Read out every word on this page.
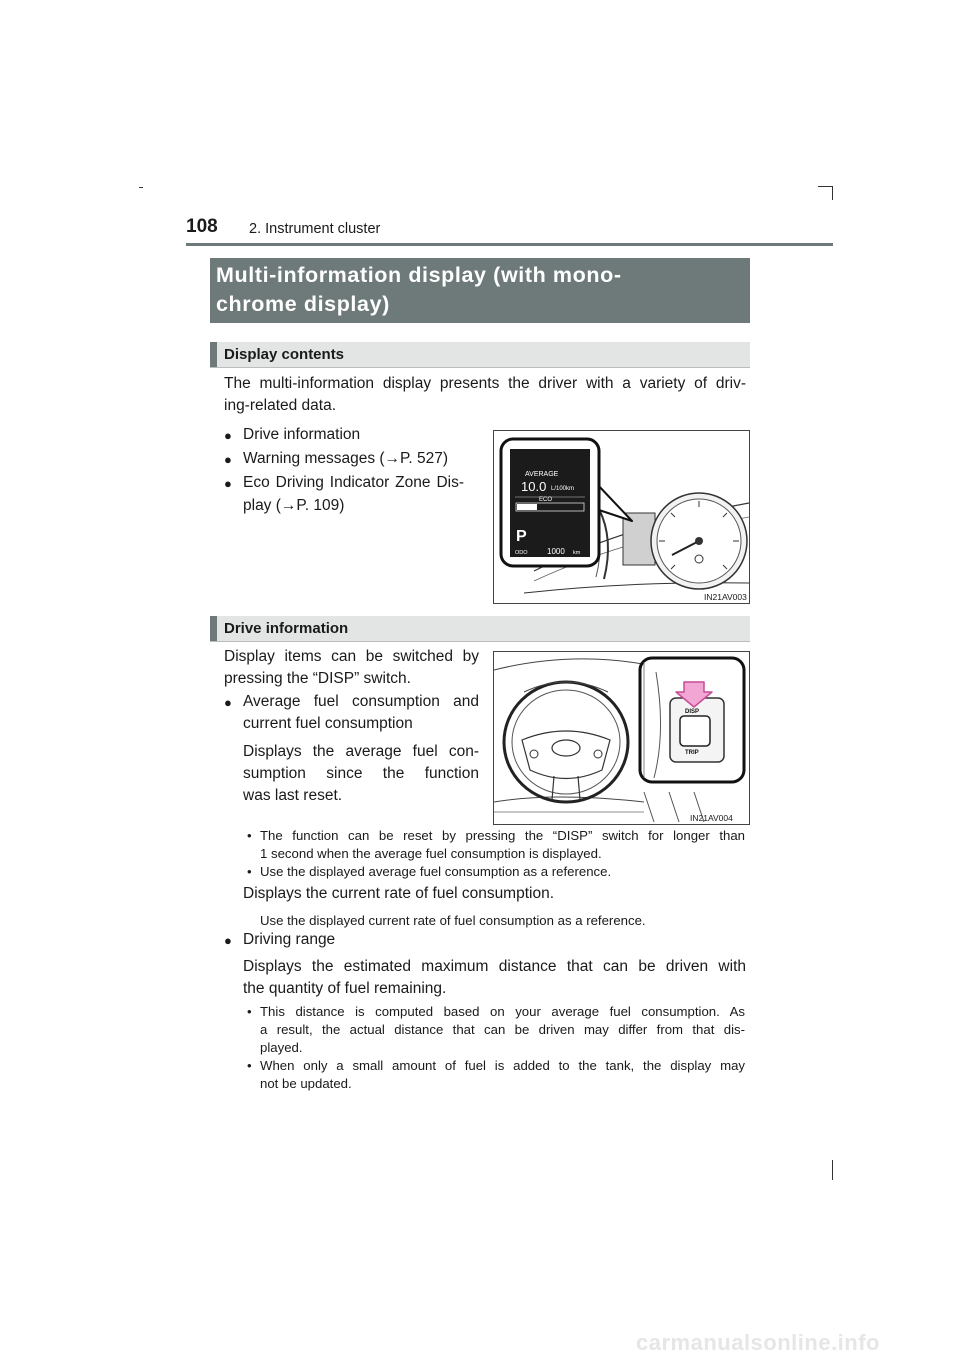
108 2. Instrument cluster
Multi-information display (with mono-
chrome display)
Display contents
The multi-information display presents the driver with a variety of driv-
ing-related data.
● Drive information
● Warning messages (→P. 527)
● Eco Driving Indicator Zone Dis-
play (→P. 109)
AVERAGE
10.0 L/100km
ECO
P
ODO 1000 km
IN21AV003
Drive information
Display items can be switched by
pressing the “DISP” switch.
● Average fuel consumption and
current fuel consumption
Displays the average fuel con-
sumption since the function
was last reset.
DISP
TRIP
IN21AV004
• The function can be reset by pressing the “DISP” switch for longer than
1 second when the average fuel consumption is displayed.
• Use the displayed average fuel consumption as a reference.
Displays the current rate of fuel consumption.
Use the displayed current rate of fuel consumption as a reference.
● Driving range
Displays the estimated maximum distance that can be driven with
the quantity of fuel remaining.
• This distance is computed based on your average fuel consumption. As
a result, the actual distance that can be driven may differ from that dis-
played.
• When only a small amount of fuel is added to the tank, the display may
not be updated.
carmanualsonline.info
